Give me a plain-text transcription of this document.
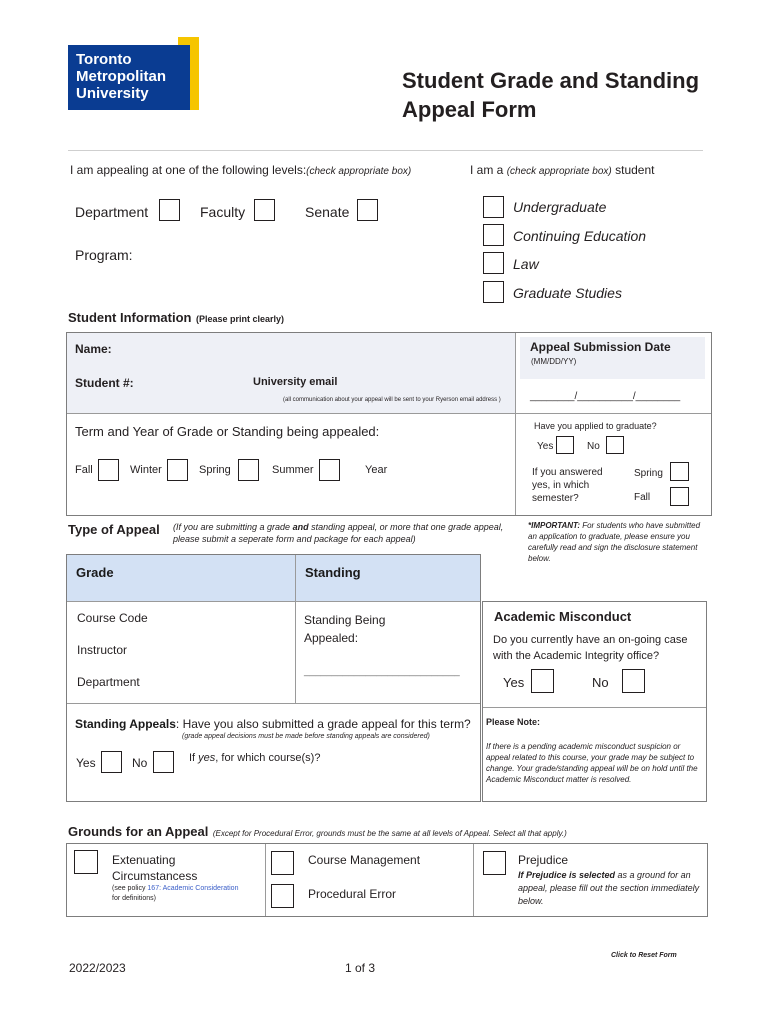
Toronto
Metropolitan
University
Student Grade and Standing
Appeal Form
I am appealing at one of the following levels:(check appropriate box)	I am a (check appropriate box) student
Department	Faculty	Senate
Program:
Undergraduate
Continuing Education
Law
Graduate Studies
Student Information (Please print clearly)
Name:
Student #:	University email
(all communication about your appeal will be sent to your Ryerson email address )
Appeal Submission Date
(MM/DD/YY)
________/__________/________
Term and Year of Grade or Standing being appealed:
Fall	Winter	Spring	Summer	Year
Have you applied to graduate?
Yes	No
If you answered yes, in which semester?
Spring
Fall
Type of Appeal (If you are submitting a grade and standing appeal, or more that one grade appeal, please submit a seperate form and package for each appeal)
*IMPORTANT: For students who have submitted an application to graduate, please ensure you carefully read and sign the disclosure statement below.
Grade	Standing
Course Code
Instructor
Department
Standing Being Appealed:
____________________________
Standing Appeals: Have you also submitted a grade appeal for this term?
(grade appeal decisions must be made before standing appeals are considered)
Yes	No	If yes, for which course(s)?
Academic Misconduct
Do you currently have an on-going case with the Academic Integrity office?
Yes	No
Please Note:
If there is a pending academic misconduct suspicion or appeal related to this course, your grade may be subject to change. Your grade/standing appeal will be on hold until the Academic Misconduct matter is resolved.
Grounds for an Appeal (Except for Procedural Error, grounds must be the same at all levels of Appeal. Select all that apply.)
Extenuating Circumstancess
(see policy 167: Academic Consideration
for definitions)
Course Management
Procedural Error
Prejudice
If Prejudice is selected as a ground for an appeal, please fill out the section immediately below.
Click to Reset Form
2022/2023	1 of 3
